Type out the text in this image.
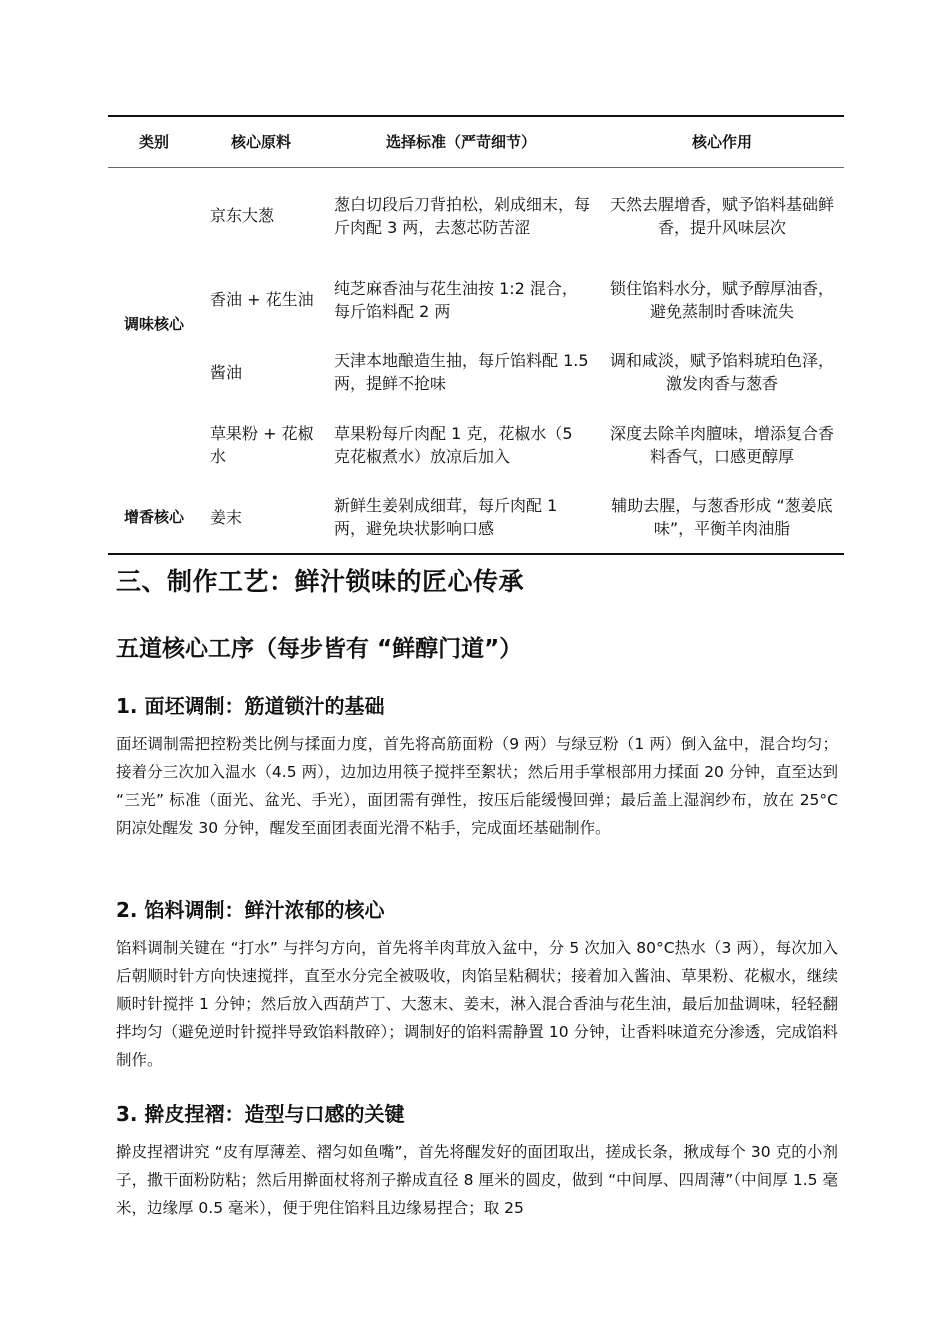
类别	核心原料	选择标准（严苛细节）	核心作用
调味核心	京东大葱	葱白切段后刀背拍松，剁成细末，每斤肉配 3 两，去葱芯防苦涩	天然去腥增香，赋予馅料基础鲜香，提升风味层次
	香油 + 花生油	纯芝麻香油与花生油按 1:2 混合，每斤馅料配 2 两	锁住馅料水分，赋予醇厚油香，避免蒸制时香味流失
	酱油	天津本地酿造生抽，每斤馅料配 1.5 两，提鲜不抢味	调和咸淡，赋予馅料琥珀色泽，激发肉香与葱香
	草果粉 + 花椒水	草果粉每斤肉配 1 克，花椒水（5 克花椒煮水）放凉后加入	深度去除羊肉膻味，增添复合香料香气，口感更醇厚
增香核心	姜末	新鲜生姜剁成细茸，每斤肉配 1 两，避免块状影响口感	辅助去腥，与葱香形成 “葱姜底味”，平衡羊肉油脂
三、制作工艺：鲜汁锁味的匠心传承
五道核心工序（每步皆有 “鲜醇门道”）
1. 面坯调制：筋道锁汁的基础

面坯调制需把控粉类比例与揉面力度，首先将高筋面粉（9 两）与绿豆粉（1 两）倒入盆中，混合均匀；接着分三次加入温水（4.5 两），边加边用筷子搅拌至絮状；然后用手掌根部用力揉面 20 分钟，直至达到 “三光” 标准（面光、盆光、手光），面团需有弹性，按压后能缓慢回弹；最后盖上湿润纱布，放在 25°C阴凉处醒发 30 分钟，醒发至面团表面光滑不粘手，完成面坯基础制作。

2. 馅料调制：鲜汁浓郁的核心

馅料调制关键在 “打水” 与拌匀方向，首先将羊肉茸放入盆中，分 5 次加入 80°C热水（3 两），每次加入后朝顺时针方向快速搅拌，直至水分完全被吸收，肉馅呈粘稠状；接着加入酱油、草果粉、花椒水，继续顺时针搅拌 1 分钟；然后放入西葫芦丁、大葱末、姜末，淋入混合香油与花生油，最后加盐调味，轻轻翻拌均匀（避免逆时针搅拌导致馅料散碎）；调制好的馅料需静置 10 分钟，让香料味道充分渗透，完成馅料制作。

3. 擀皮捏褶：造型与口感的关键

擀皮捏褶讲究 “皮有厚薄差、褶匀如鱼嘴”，首先将醒发好的面团取出，搓成长条，揪成每个 30 克的小剂子，撒干面粉防粘；然后用擀面杖将剂子擀成直径 8 厘米的圆皮，做到 “中间厚、四周薄”（中间厚 1.5 毫米，边缘厚 0.5 毫米），便于兜住馅料且边缘易捏合；取 25
